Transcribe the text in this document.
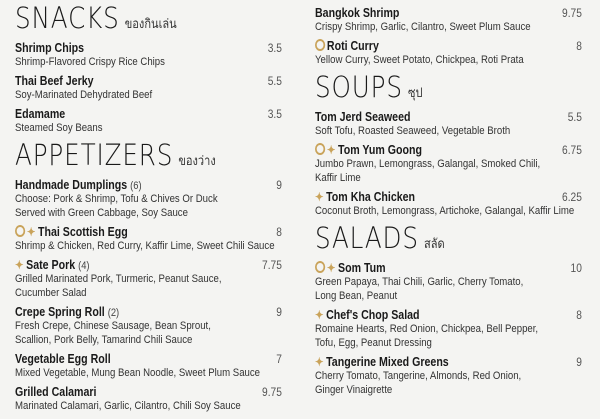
SNACKS ของกินเล่น
Shrimp Chips	3.5
Shrimp-Flavored Crispy Rice Chips
Thai Beef Jerky	5.5
Soy-Marinated Dehydrated Beef
Edamame	3.5
Steamed Soy Beans
APPETIZERS ของว่าง
Handmade Dumplings (6)	9
Choose: Pork & Shrimp, Tofu & Chives Or Duck
Served with Green Cabbage, Soy Sauce
✦ Thai Scottish Egg	8
Shrimp & Chicken, Red Curry, Kaffir Lime, Sweet Chili Sauce
✦ Sate Pork (4)	7.75
Grilled Marinated Pork, Turmeric, Peanut Sauce,
Cucumber Salad
Crepe Spring Roll (2)	9
Fresh Crepe, Chinese Sausage, Bean Sprout,
Scallion, Pork Belly, Tamarind Chili Sauce
Vegetable Egg Roll	7
Mixed Vegetable, Mung Bean Noodle, Sweet Plum Sauce
Grilled Calamari	9.75
Marinated Calamari, Garlic, Cilantro, Chili Soy Sauce
Bangkok Shrimp	9.75
Crispy Shrimp, Garlic, Cilantro, Sweet Plum Sauce
Roti Curry	8
Yellow Curry, Sweet Potato, Chickpea, Roti Prata
SOUPS ซุป
Tom Jerd Seaweed	5.5
Soft Tofu, Roasted Seaweed, Vegetable Broth
✦ Tom Yum Goong	6.75
Jumbo Prawn, Lemongrass, Galangal, Smoked Chili,
Kaffir Lime
✦ Tom Kha Chicken	6.25
Coconut Broth, Lemongrass, Artichoke, Galangal, Kaffir Lime
SALADS สลัด
✦ Som Tum	10
Green Papaya, Thai Chili, Garlic, Cherry Tomato,
Long Bean, Peanut
✦ Chef's Chop Salad	8
Romaine Hearts, Red Onion, Chickpea, Bell Pepper,
Tofu, Egg, Peanut Dressing
✦ Tangerine Mixed Greens	9
Cherry Tomato, Tangerine, Almonds, Red Onion,
Ginger Vinaigrette
